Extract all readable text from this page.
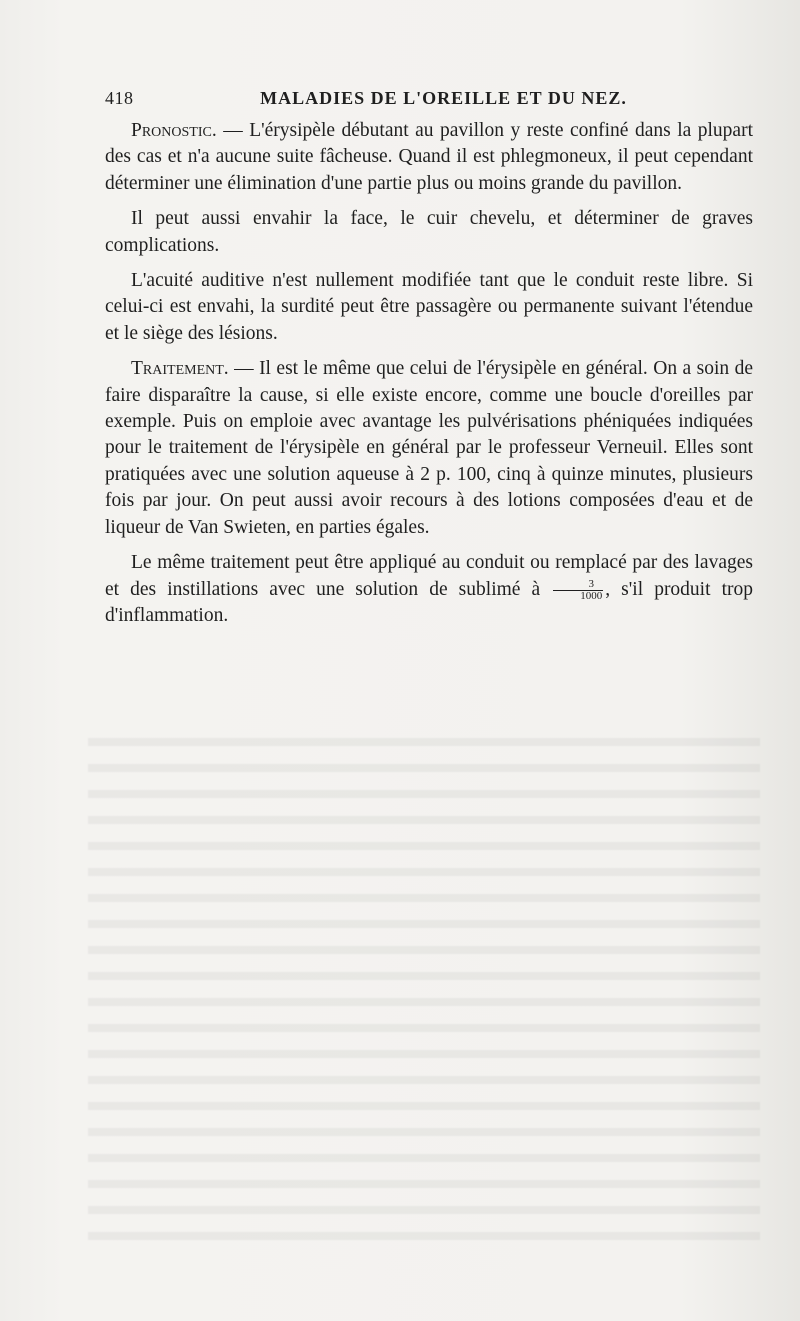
418	MALADIES DE L'OREILLE ET DU NEZ.

Pronostic. — L'érysipèle débutant au pavillon y reste confiné dans la plupart des cas et n'a aucune suite fâcheuse. Quand il est phlegmoneux, il peut cependant déterminer une élimination d'une partie plus ou moins grande du pavillon.

Il peut aussi envahir la face, le cuir chevelu, et déterminer de graves complications.

L'acuité auditive n'est nullement modifiée tant que le conduit reste libre. Si celui-ci est envahi, la surdité peut être passagère ou permanente suivant l'étendue et le siège des lésions.

Traitement. — Il est le même que celui de l'érysipèle en général. On a soin de faire disparaître la cause, si elle existe encore, comme une boucle d'oreilles par exemple. Puis on emploie avec avantage les pulvérisations phéniquées indiquées pour le traitement de l'érysipèle en général par le professeur Verneuil. Elles sont pratiquées avec une solution aqueuse à 2 p. 100, cinq à quinze minutes, plusieurs fois par jour. On peut aussi avoir recours à des lotions composées d'eau et de liqueur de Van Swieten, en parties égales.

Le même traitement peut être appliqué au conduit ou remplacé par des lavages et des instillations avec une solution de sublimé à $\frac{3}{1000}$ , s'il produit trop d'inflammation.
